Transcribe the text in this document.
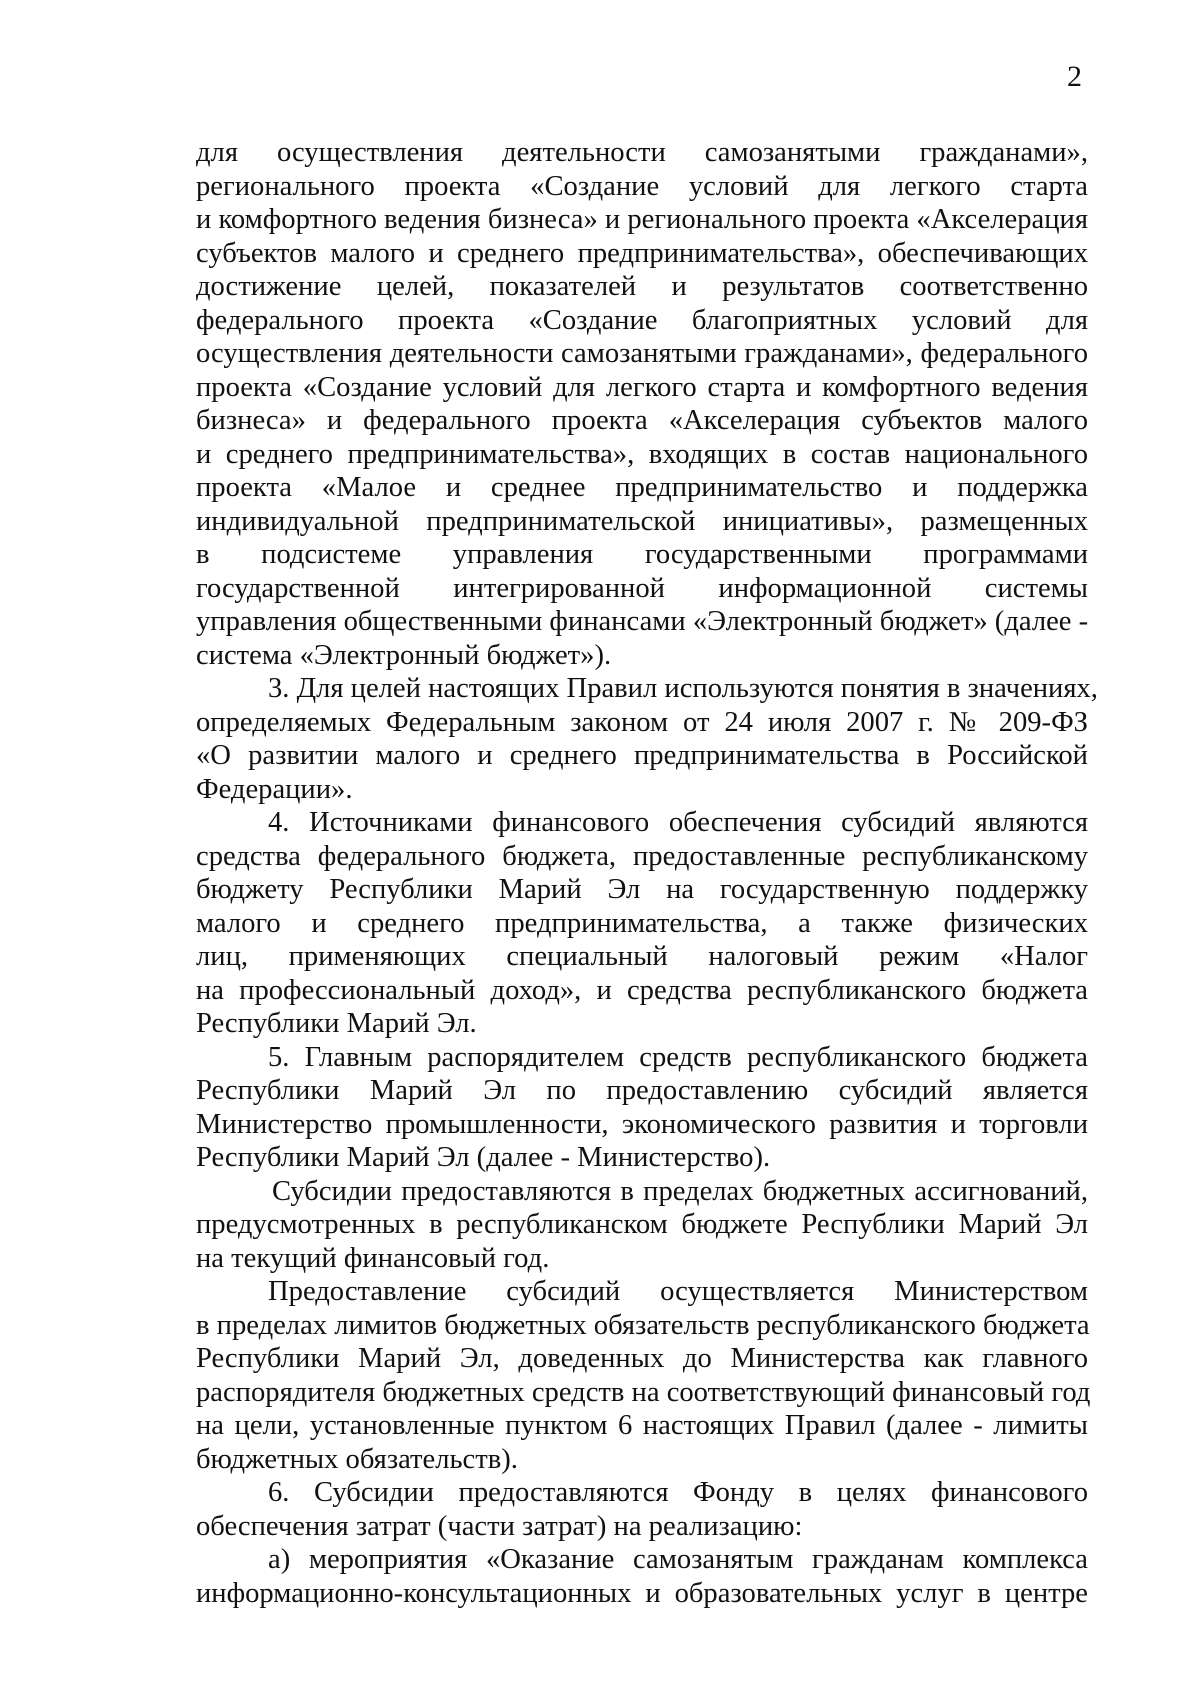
2
для осуществления деятельности самозанятыми гражданами»,
регионального проекта «Создание условий для легкого старта
и комфортного ведения бизнеса» и регионального проекта «Акселерация
субъектов малого и среднего предпринимательства», обеспечивающих
достижение целей, показателей и результатов соответственно
федерального проекта «Создание благоприятных условий для
осуществления деятельности самозанятыми гражданами», федерального
проекта «Создание условий для легкого старта и комфортного ведения
бизнеса» и федерального проекта «Акселерация субъектов малого
и среднего предпринимательства», входящих в состав национального
проекта «Малое и среднее предпринимательство и поддержка
индивидуальной предпринимательской инициативы», размещенных
в подсистеме управления государственными программами
государственной интегрированной информационной системы
управления общественными финансами «Электронный бюджет» (далее -
система «Электронный бюджет»).
3. Для целей настоящих Правил используются понятия в значениях,
определяемых Федеральным законом от 24 июля 2007 г. № 209-ФЗ
«О развитии малого и среднего предпринимательства в Российской
Федерации».
4. Источниками финансового обеспечения субсидий являются
средства федерального бюджета, предоставленные республиканскому
бюджету Республики Марий Эл на государственную поддержку
малого и среднего предпринимательства, а также физических
лиц, применяющих специальный налоговый режим «Налог
на профессиональный доход», и средства республиканского бюджета
Республики Марий Эл.
5. Главным распорядителем средств республиканского бюджета
Республики Марий Эл по предоставлению субсидий является
Министерство промышленности, экономического развития и торговли
Республики Марий Эл (далее - Министерство).
Субсидии предоставляются в пределах бюджетных ассигнований,
предусмотренных в республиканском бюджете Республики Марий Эл
на текущий финансовый год.
Предоставление субсидий осуществляется Министерством
в пределах лимитов бюджетных обязательств республиканского бюджета
Республики Марий Эл, доведенных до Министерства как главного
распорядителя бюджетных средств на соответствующий финансовый год
на цели, установленные пунктом 6 настоящих Правил (далее - лимиты
бюджетных обязательств).
6. Субсидии предоставляются Фонду в целях финансового
обеспечения затрат (части затрат) на реализацию:
а) мероприятия «Оказание самозанятым гражданам комплекса
информационно-консультационных и образовательных услуг в центре
